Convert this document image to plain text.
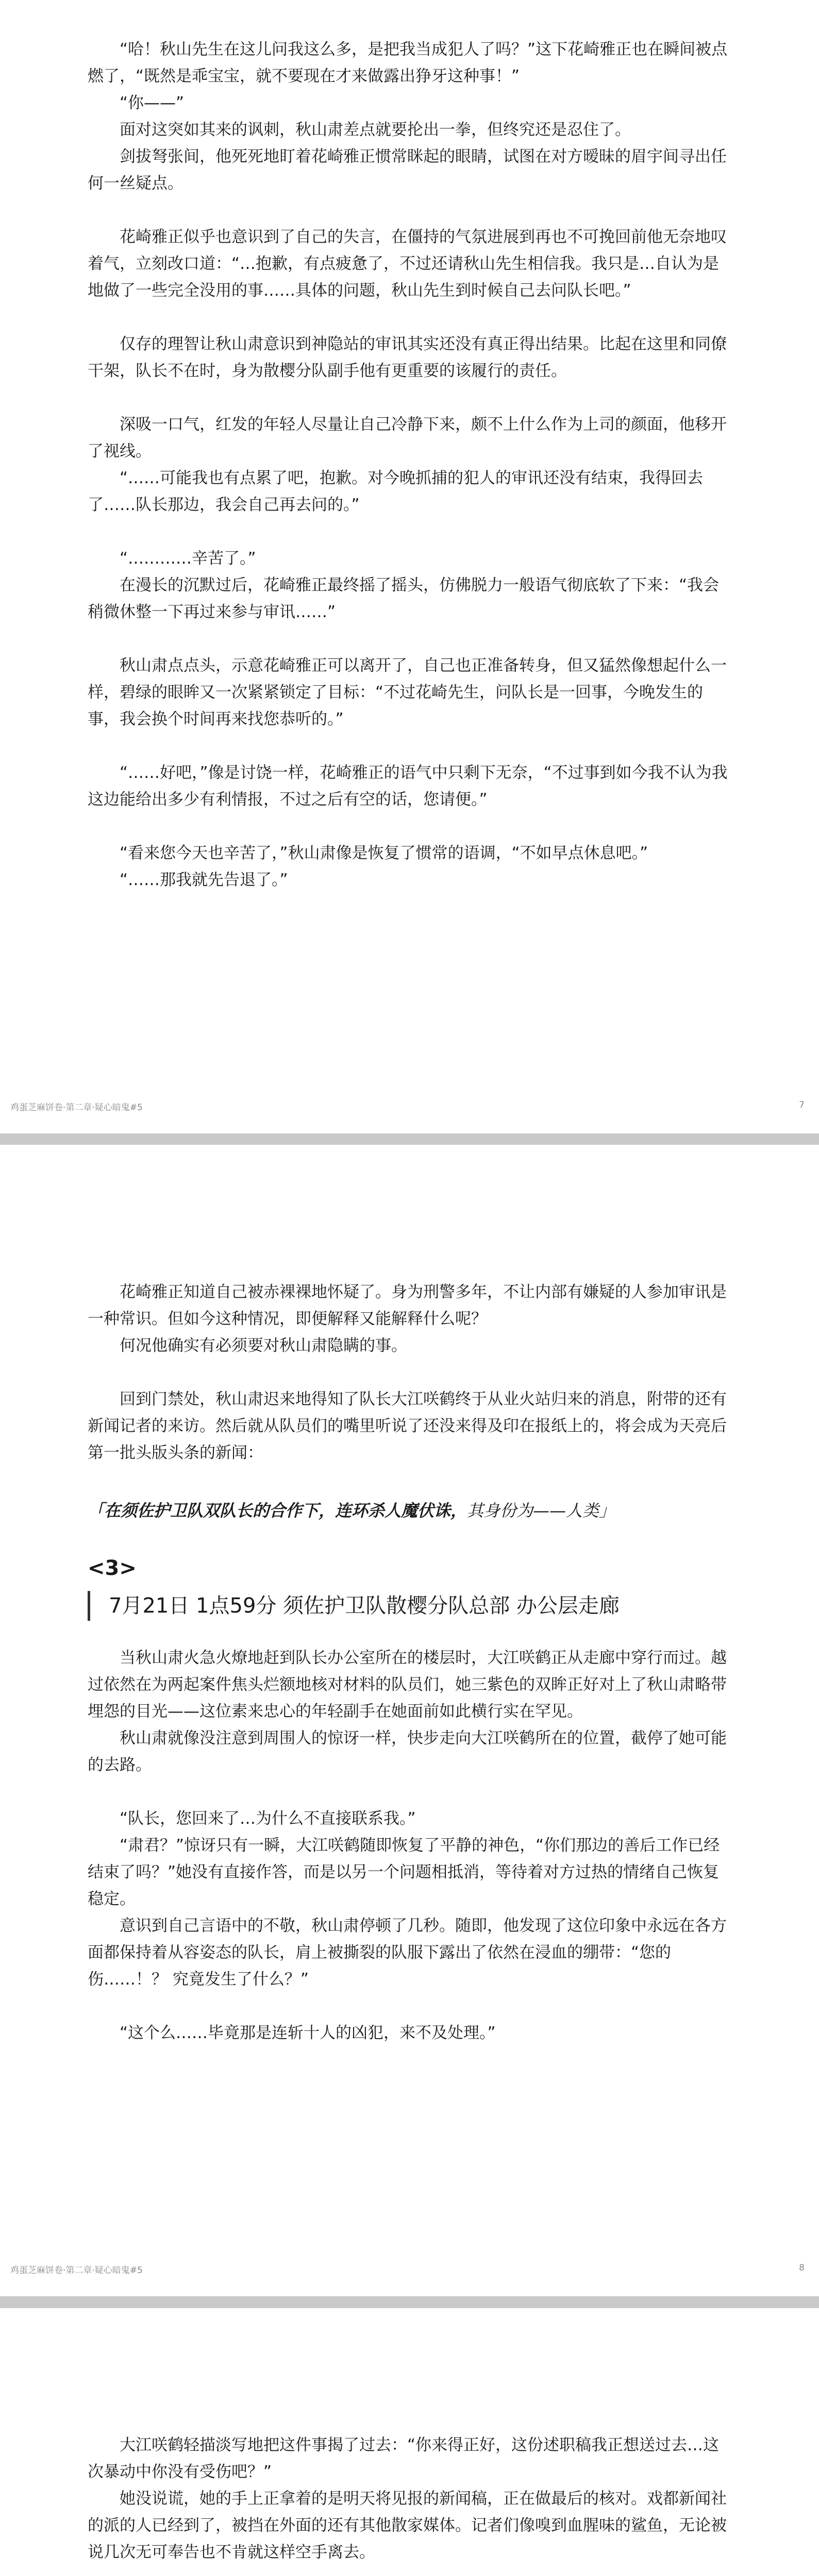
“哈！秋山先生在这儿问我这么多，是把我当成犯人了吗？”这下花崎雅正也在瞬间被点燃了，“既然是乖宝宝，就不要现在才来做露出狰牙这种事！”

“你——”

面对这突如其来的讽刺，秋山肃差点就要抡出一拳，但终究还是忍住了。

剑拔弩张间，他死死地盯着花崎雅正惯常眯起的眼睛，试图在对方暧昧的眉宇间寻出任何一丝疑点。

花崎雅正似乎也意识到了自己的失言，在僵持的气氛进展到再也不可挽回前他无奈地叹着气，立刻改口道：“…抱歉，有点疲惫了，不过还请秋山先生相信我。我只是…自认为是地做了一些完全没用的事……具体的问题，秋山先生到时候自己去问队长吧。”

仅存的理智让秋山肃意识到神隐站的审讯其实还没有真正得出结果。比起在这里和同僚干架，队长不在时，身为散樱分队副手他有更重要的该履行的责任。

深吸一口气，红发的年轻人尽量让自己冷静下来，颇不上什么作为上司的颜面，他移开了视线。

“……可能我也有点累了吧，抱歉。对今晚抓捕的犯人的审讯还没有结束，我得回去了……队长那边，我会自己再去问的。”

“…………辛苦了。”

在漫长的沉默过后，花崎雅正最终摇了摇头，仿佛脱力一般语气彻底软了下来：“我会稍微休整一下再过来参与审讯……”

秋山肃点点头，示意花崎雅正可以离开了，自己也正准备转身，但又猛然像想起什么一样，碧绿的眼眸又一次紧紧锁定了目标：“不过花崎先生，问队长是一回事，今晚发生的事，我会换个时间再来找您恭听的。”

“……好吧，”像是讨饶一样，花崎雅正的语气中只剩下无奈，“不过事到如今我不认为我这边能给出多少有利情报，不过之后有空的话，您请便。”

“看来您今天也辛苦了，”秋山肃像是恢复了惯常的语调，“不如早点休息吧。”

“……那我就先告退了。”

鸡蛋芝麻饼卷·第二章·疑心暗鬼#5	7

花崎雅正知道自己被赤裸裸地怀疑了。身为刑警多年，不让内部有嫌疑的人参加审讯是一种常识。但如今这种情况，即便解释又能解释什么呢？

何况他确实有必须要对秋山肃隐瞒的事。

回到门禁处，秋山肃迟来地得知了队长大江咲鹤终于从业火站归来的消息，附带的还有新闻记者的来访。然后就从队员们的嘴里听说了还没来得及印在报纸上的，将会成为天亮后第一批头版头条的新闻：

「在须佐护卫队双队长的合作下，连环杀人魔伏诛，其身份为——人类」

<3>
7月21日 1点59分 须佐护卫队散樱分队总部 办公层走廊

当秋山肃火急火燎地赶到队长办公室所在的楼层时，大江咲鹤正从走廊中穿行而过。越过依然在为两起案件焦头烂额地核对材料的队员们，她三紫色的双眸正好对上了秋山肃略带埋怨的目光——这位素来忠心的年轻副手在她面前如此横行实在罕见。

秋山肃就像没注意到周围人的惊讶一样，快步走向大江咲鹤所在的位置，截停了她可能的去路。

“队长，您回来了…为什么不直接联系我。”

“肃君？”惊讶只有一瞬，大江咲鹤随即恢复了平静的神色，“你们那边的善后工作已经结束了吗？”她没有直接作答，而是以另一个问题相抵消，等待着对方过热的情绪自己恢复稳定。

意识到自己言语中的不敬，秋山肃停顿了几秒。随即，他发现了这位印象中永远在各方面都保持着从容姿态的队长，肩上被撕裂的队服下露出了依然在浸血的绷带：“您的伤……！？ 究竟发生了什么？”

“这个么……毕竟那是连斩十人的凶犯，来不及处理。”

鸡蛋芝麻饼卷·第二章·疑心暗鬼#5	8

大江咲鹤轻描淡写地把这件事揭了过去：“你来得正好，这份述职稿我正想送过去…这次暴动中你没有受伤吧？”

她没说谎，她的手上正拿着的是明天将见报的新闻稿，正在做最后的核对。戏都新闻社的派的人已经到了，被挡在外面的还有其他散家媒体。记者们像嗅到血腥味的鲨鱼，无论被说几次无可奉告也不肯就这样空手离去。
